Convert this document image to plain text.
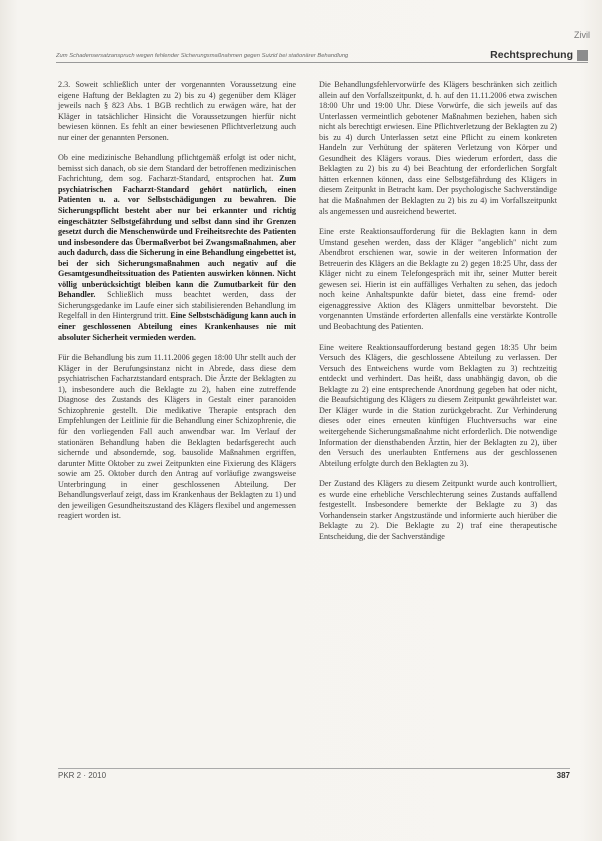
Zivil
Zum Schadensersatzanspruch wegen fehlender Sicherungsmaßnahmen gegen Suizid bei stationärer Behandlung	Rechtsprechung

2.3. Soweit schließlich unter der vorgenannten Voraussetzung eine eigene Haftung der Beklagten zu 2) bis zu 4) gegenüber dem Kläger jeweils nach § 823 Abs. 1 BGB rechtlich zu erwägen wäre, hat der Kläger in tatsächlicher Hinsicht die Voraussetzungen hierfür nicht bewiesen können. Es fehlt an einer bewiesenen Pflichtverletzung auch nur einer der genannten Personen.

Ob eine medizinische Behandlung pflichtgemäß erfolgt ist oder nicht, bemisst sich danach, ob sie dem Standard der betroffenen medizinischen Fachrichtung, dem sog. Facharzt-Standard, entsprochen hat. Zum psychiatrischen Facharzt-Standard gehört natürlich, einen Patienten u. a. vor Selbstschädigungen zu bewahren. Die Sicherungspflicht besteht aber nur bei erkannter und richtig eingeschätzter Selbstgefährdung und selbst dann sind ihr Grenzen gesetzt durch die Menschenwürde und Freiheitsrechte des Patienten und insbesondere das Übermaßverbot bei Zwangsmaßnahmen, aber auch dadurch, dass die Sicherung in eine Behandlung eingebettet ist, bei der sich Sicherungsmaßnahmen auch negativ auf die Gesamtgesundheitssituation des Patienten auswirken können. Nicht völlig unberücksichtigt bleiben kann die Zumutbarkeit für den Behandler. Schließlich muss beachtet werden, dass der Sicherungsgedanke im Laufe einer sich stabilisierenden Behandlung im Regelfall in den Hintergrund tritt. Eine Selbstschädigung kann auch in einer geschlossenen Abteilung eines Krankenhauses nie mit absoluter Sicherheit vermieden werden.

Für die Behandlung bis zum 11.11.2006 gegen 18:00 Uhr stellt auch der Kläger in der Berufungsinstanz nicht in Abrede, dass diese dem psychiatrischen Facharztstandard entsprach. Die Ärzte der Beklagten zu 1), insbesondere auch die Beklagte zu 2), haben eine zutreffende Diagnose des Zustands des Klägers in Gestalt einer paranoiden Schizophrenie gestellt. Die medikative Therapie entsprach den Empfehlungen der Leitlinie für die Behandlung einer Schizophrenie, die für den vorliegenden Fall auch anwendbar war. Im Verlauf der stationären Behandlung haben die Beklagten bedarfsgerecht auch sichernde und absondernde, sog. bausolide Maßnahmen ergriffen, darunter Mitte Oktober zu zwei Zeitpunkten eine Fixierung des Klägers sowie am 25. Oktober durch den Antrag auf vorläufige zwangsweise Unterbringung in einer geschlossenen Abteilung. Der Behandlungsverlauf zeigt, dass im Krankenhaus der Beklagten zu 1) und den jeweiligen Gesundheitszustand des Klägers flexibel und angemessen reagiert worden ist.

Die Behandlungsfehlervorwürfe des Klägers beschränken sich zeitlich allein auf den Vorfallszeitpunkt, d. h. auf den 11.11.2006 etwa zwischen 18:00 Uhr und 19:00 Uhr. Diese Vorwürfe, die sich jeweils auf das Unterlassen vermeintlich gebotener Maßnahmen beziehen, haben sich nicht als berechtigt erwiesen. Eine Pflichtverletzung der Beklagten zu 2) bis zu 4) durch Unterlassen setzt eine Pflicht zu einem konkreten Handeln zur Verhütung der späteren Verletzung von Körper und Gesundheit des Klägers voraus. Dies wiederum erfordert, dass die Beklagten zu 2) bis zu 4) bei Beachtung der erforderlichen Sorgfalt hätten erkennen können, dass eine Selbstgefährdung des Klägers in diesem Zeitpunkt in Betracht kam. Der psychologische Sachverständige hat die Maßnahmen der Beklagten zu 2) bis zu 4) im Vorfallszeitpunkt als angemessen und ausreichend bewertet.

Eine erste Reaktionsaufforderung für die Beklagten kann in dem Umstand gesehen werden, dass der Kläger "angeblich" nicht zum Abendbrot erschienen war, sowie in der weiteren Information der Betreuerin des Klägers an die Beklagte zu 2) gegen 18:25 Uhr, dass der Kläger nicht zu einem Telefongespräch mit ihr, seiner Mutter bereit gewesen sei. Hierin ist ein auffälliges Verhalten zu sehen, das jedoch noch keine Anhaltspunkte dafür bietet, dass eine fremd- oder eigenaggressive Aktion des Klägers unmittelbar bevorsteht. Die vorgenannten Umstände erforderten allenfalls eine verstärkte Kontrolle und Beobachtung des Patienten.

Eine weitere Reaktionsaufforderung bestand gegen 18:35 Uhr beim Versuch des Klägers, die geschlossene Abteilung zu verlassen. Der Versuch des Entweichens wurde vom Beklagten zu 3) rechtzeitig entdeckt und verhindert. Das heißt, dass unabhängig davon, ob die Beklagte zu 2) eine entsprechende Anordnung gegeben hat oder nicht, die Beaufsichtigung des Klägers zu diesem Zeitpunkt gewährleistet war. Der Kläger wurde in die Station zurückgebracht. Zur Verhinderung dieses oder eines erneuten künftigen Fluchtversuchs war eine weitergehende Sicherungsmaßnahme nicht erforderlich. Die notwendige Information der diensthabenden Ärztin, hier der Beklagten zu 2), über den Versuch des unerlaubten Entfernens aus der geschlossenen Abteilung erfolgte durch den Beklagten zu 3).

Der Zustand des Klägers zu diesem Zeitpunkt wurde auch kontrolliert, es wurde eine erhebliche Verschlechterung seines Zustands auffallend festgestellt. Insbesondere bemerkte der Beklagte zu 3) das Vorhandensein starker Angstzustände und informierte auch hierüber die Beklagte zu 2). Die Beklagte zu 2) traf eine therapeutische Entscheidung, die der Sachverständige

PKR 2 · 2010	387
